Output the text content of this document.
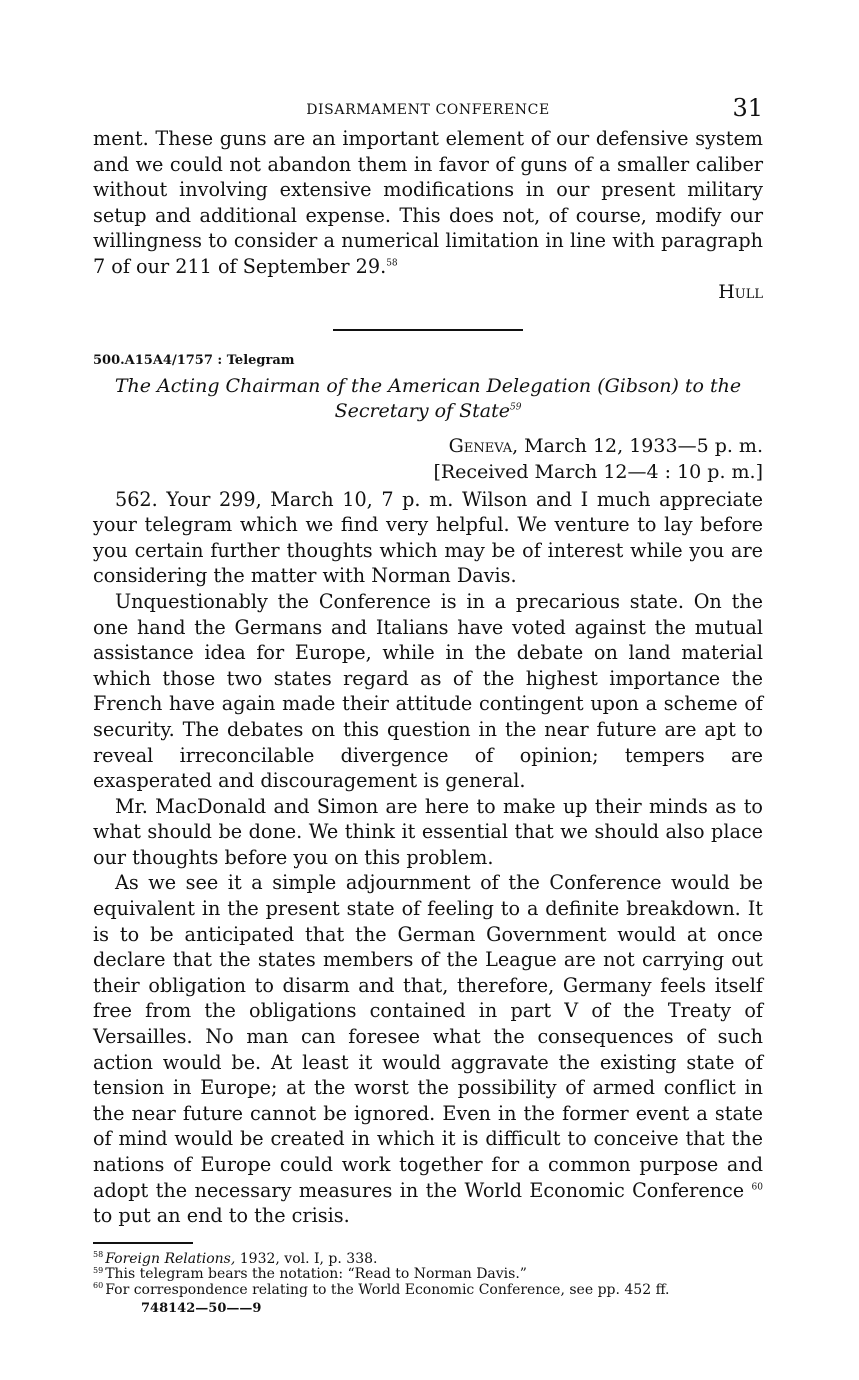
DISARMAMENT CONFERENCE	31

ment. These guns are an important element of our defensive system and we could not abandon them in favor of guns of a smaller caliber without involving extensive modifications in our present military setup and additional expense. This does not, of course, modify our willingness to consider a numerical limitation in line with paragraph 7 of our 211 of September 29.58

Hull
500.A15A4/1757 : Telegram

The Acting Chairman of the American Delegation (Gibson) to the Secretary of State$^{59}$

Geneva, March 12, 1933—5 p. m.
[Received March 12—4 : 10 p. m.]

562. Your 299, March 10, 7 p. m. Wilson and I much appreciate your telegram which we find very helpful. We venture to lay before you certain further thoughts which may be of interest while you are considering the matter with Norman Davis.

Unquestionably the Conference is in a precarious state. On the one hand the Germans and Italians have voted against the mutual assistance idea for Europe, while in the debate on land material which those two states regard as of the highest importance the French have again made their attitude contingent upon a scheme of security. The debates on this question in the near future are apt to reveal irreconcilable divergence of opinion; tempers are exasperated and discouragement is general.

Mr. MacDonald and Simon are here to make up their minds as to what should be done. We think it essential that we should also place our thoughts before you on this problem.

As we see it a simple adjournment of the Conference would be equivalent in the present state of feeling to a definite breakdown. It is to be anticipated that the German Government would at once declare that the states members of the League are not carrying out their obligation to disarm and that, therefore, Germany feels itself free from the obligations contained in part V of the Treaty of Versailles. No man can foresee what the consequences of such action would be. At least it would aggravate the existing state of tension in Europe; at the worst the possibility of armed conflict in the near future cannot be ignored. Even in the former event a state of mind would be created in which it is difficult to conceive that the nations of Europe could work together for a common purpose and adopt the necessary measures in the World Economic Conference $^{60}$ to put an end to the crisis.

$^{58}$ Foreign Relations, 1932, vol. I, p. 338.
$^{59}$ This telegram bears the notation: “Read to Norman Davis.”
$^{60}$ For correspondence relating to the World Economic Conference, see pp. 452 ff.
748142—50——9
